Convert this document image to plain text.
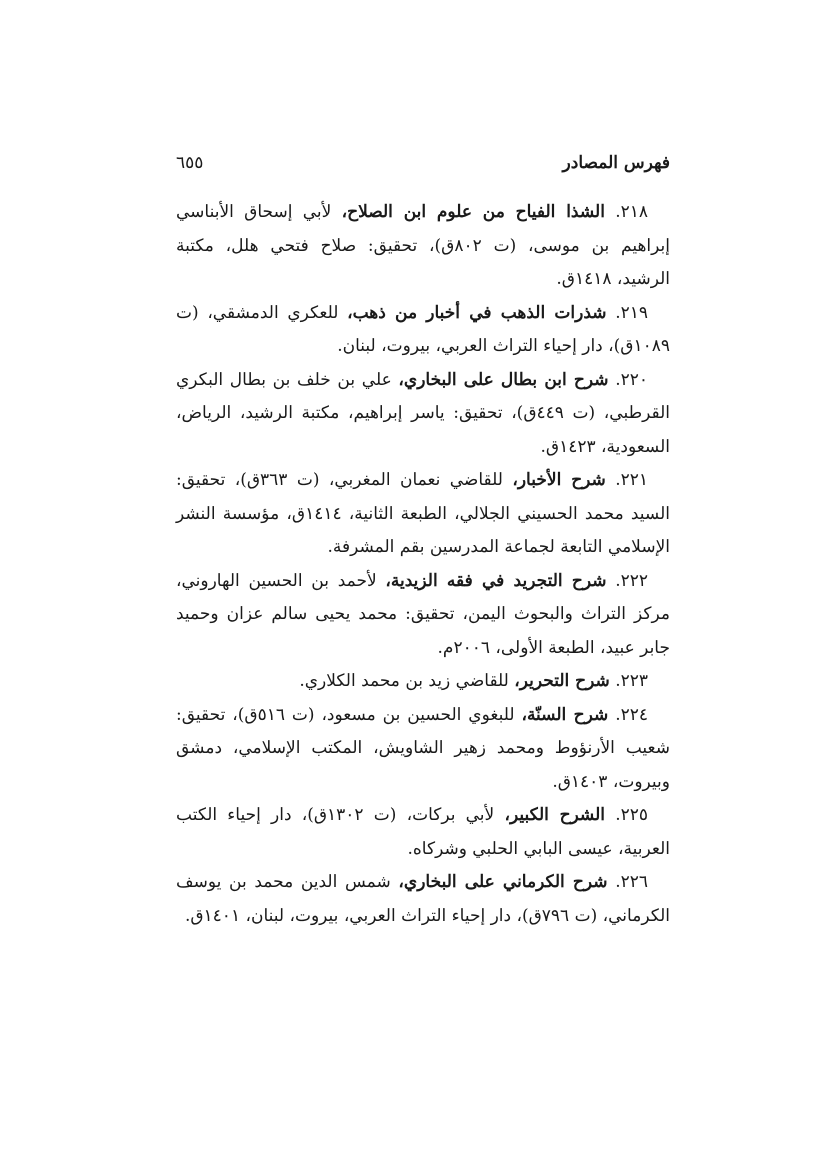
فهرس المصادر
٦٥٥

٢١٨. الشذا الفياح من علوم ابن الصلاح، لأبي إسحاق الأبناسي إبراهيم بن موسى، (ت ٨٠٢ق)، تحقيق: صلاح فتحي هلل، مكتبة الرشيد، ١٤١٨ق.

٢١٩. شذرات الذهب في أخبار من ذهب، للعكري الدمشقي، (ت ١٠٨٩ق)، دار إحياء التراث العربي، بيروت، لبنان.

٢٢٠. شرح ابن بطال على البخاري، علي بن خلف بن بطال البكري القرطبي، (ت ٤٤٩ق)، تحقيق: ياسر إبراهيم، مكتبة الرشيد، الرياض، السعودية، ١٤٢٣ق.

٢٢١. شرح الأخبار، للقاضي نعمان المغربي، (ت ٣٦٣ق)، تحقيق: السيد محمد الحسيني الجلالي، الطبعة الثانية، ١٤١٤ق، مؤسسة النشر الإسلامي التابعة لجماعة المدرسين بقم المشرفة.

٢٢٢. شرح التجريد في فقه الزيدية، لأحمد بن الحسين الهاروني، مركز التراث والبحوث اليمن، تحقيق: محمد يحيى سالم عزان وحميد جابر عبيد، الطبعة الأولى، ٢٠٠٦م.

٢٢٣. شرح التحرير، للقاضي زيد بن محمد الكلاري.

٢٢٤. شرح السنّة، للبغوي الحسين بن مسعود، (ت ٥١٦ق)، تحقيق: شعيب الأرنؤوط ومحمد زهير الشاويش، المكتب الإسلامي، دمشق وبيروت، ١٤٠٣ق.

٢٢٥. الشرح الكبير، لأبي بركات، (ت ١٣٠٢ق)، دار إحياء الكتب العربية، عيسى البابي الحلبي وشركاه.

٢٢٦. شرح الكرماني على البخاري، شمس الدين محمد بن يوسف الكرماني، (ت ٧٩٦ق)، دار إحياء التراث العربي، بيروت، لبنان، ١٤٠١ق.
